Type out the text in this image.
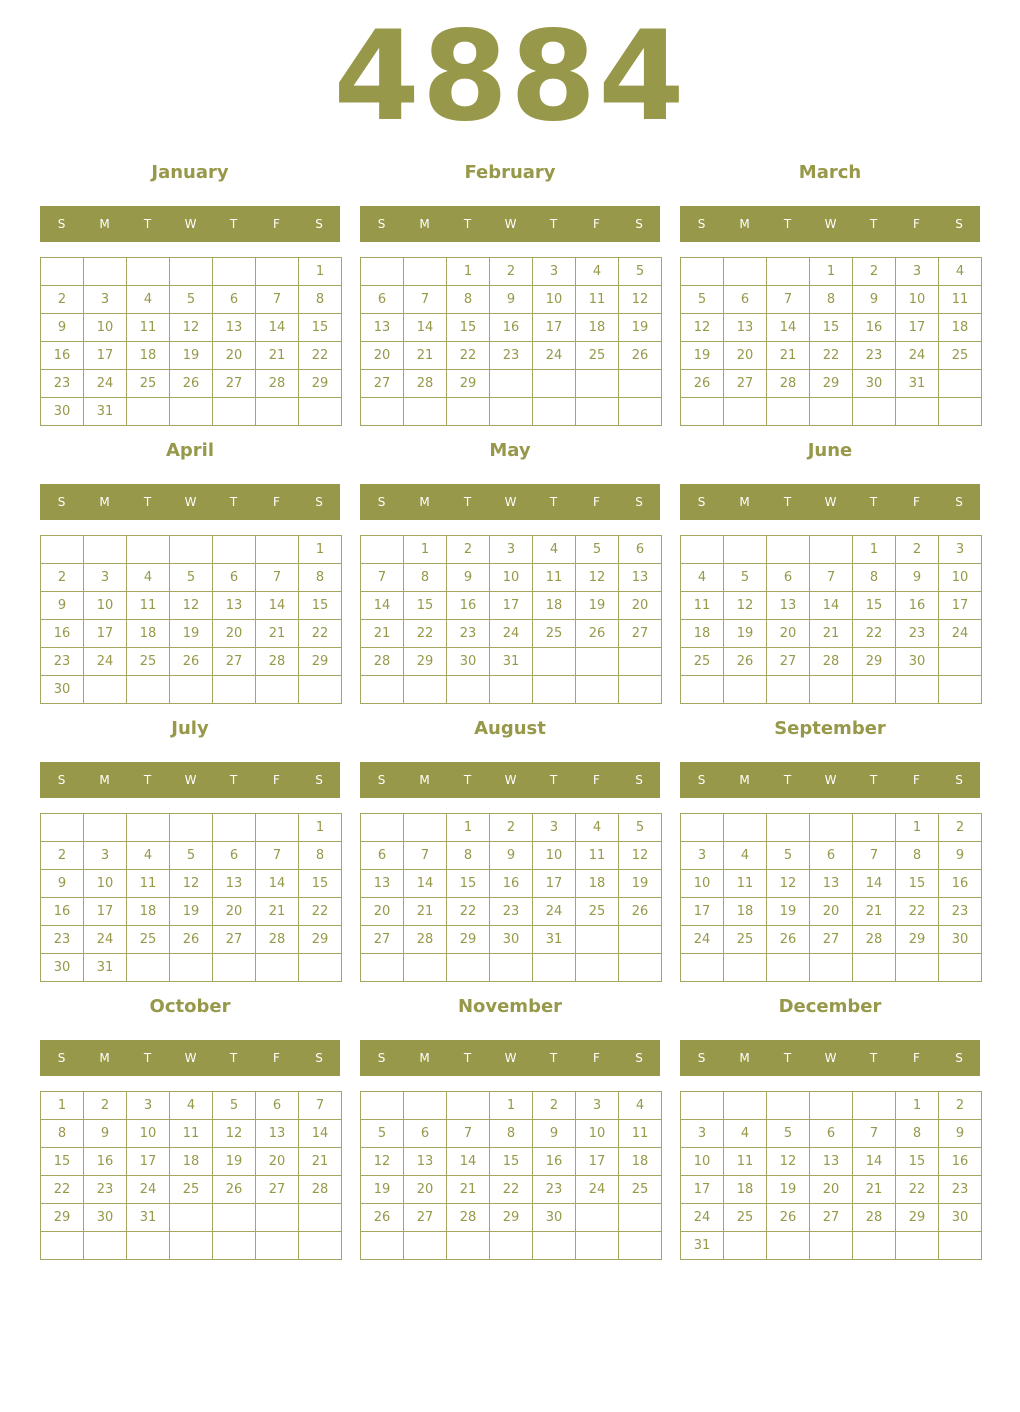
4884
January
S	M	T	W	T	F	S
						1
2	3	4	5	6	7	8
9	10	11	12	13	14	15
16	17	18	19	20	21	22
23	24	25	26	27	28	29
30	31					
February
S	M	T	W	T	F	S
		1	2	3	4	5
6	7	8	9	10	11	12
13	14	15	16	17	18	19
20	21	22	23	24	25	26
27	28	29				

March
S	M	T	W	T	F	S
			1	2	3	4
5	6	7	8	9	10	11
12	13	14	15	16	17	18
19	20	21	22	23	24	25
26	27	28	29	30	31	

April
S	M	T	W	T	F	S
						1
2	3	4	5	6	7	8
9	10	11	12	13	14	15
16	17	18	19	20	21	22
23	24	25	26	27	28	29
30						
May
S	M	T	W	T	F	S
	1	2	3	4	5	6
7	8	9	10	11	12	13
14	15	16	17	18	19	20
21	22	23	24	25	26	27
28	29	30	31			

June
S	M	T	W	T	F	S
				1	2	3
4	5	6	7	8	9	10
11	12	13	14	15	16	17
18	19	20	21	22	23	24
25	26	27	28	29	30	

July
S	M	T	W	T	F	S
						1
2	3	4	5	6	7	8
9	10	11	12	13	14	15
16	17	18	19	20	21	22
23	24	25	26	27	28	29
30	31					
August
S	M	T	W	T	F	S
		1	2	3	4	5
6	7	8	9	10	11	12
13	14	15	16	17	18	19
20	21	22	23	24	25	26
27	28	29	30	31		

September
S	M	T	W	T	F	S
					1	2
3	4	5	6	7	8	9
10	11	12	13	14	15	16
17	18	19	20	21	22	23
24	25	26	27	28	29	30

October
S	M	T	W	T	F	S
1	2	3	4	5	6	7
8	9	10	11	12	13	14
15	16	17	18	19	20	21
22	23	24	25	26	27	28
29	30	31				

November
S	M	T	W	T	F	S
			1	2	3	4
5	6	7	8	9	10	11
12	13	14	15	16	17	18
19	20	21	22	23	24	25
26	27	28	29	30		

December
S	M	T	W	T	F	S
					1	2
3	4	5	6	7	8	9
10	11	12	13	14	15	16
17	18	19	20	21	22	23
24	25	26	27	28	29	30
31						
